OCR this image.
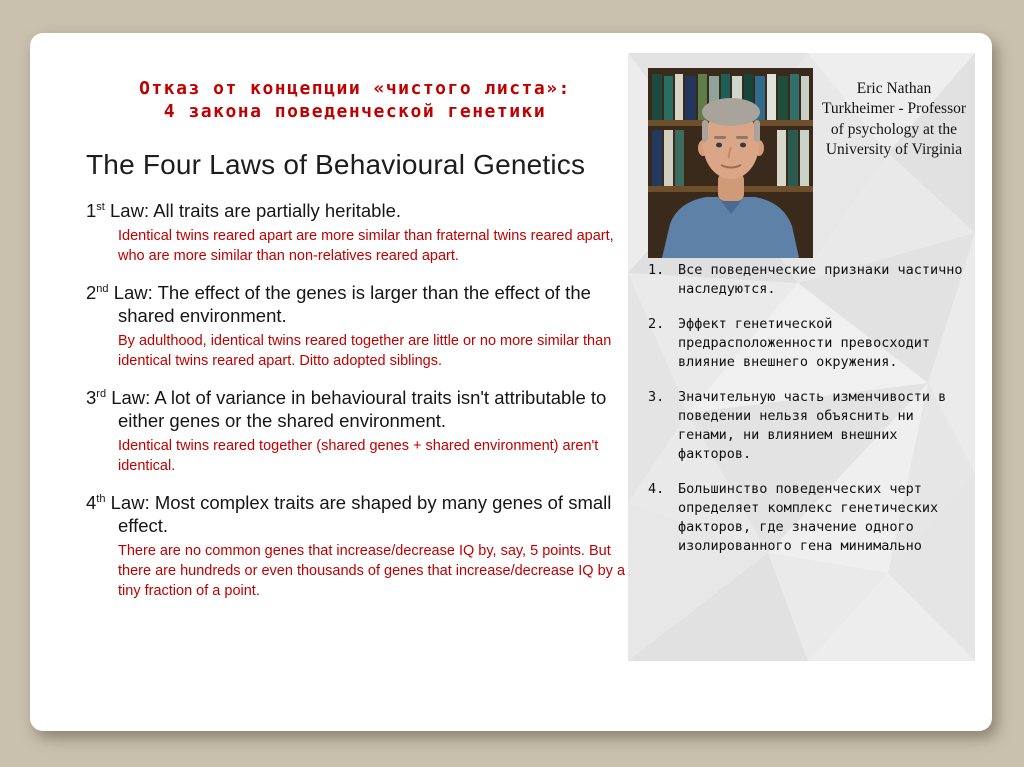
Отказ от концепции «чистого листа»:
4 закона поведенческой генетики
The Four Laws of Behavioural Genetics
1st Law: All traits are partially heritable.
Identical twins reared apart are more similar than fraternal twins reared apart, who are more similar than non-relatives reared apart.
2nd Law: The effect of the genes is larger than the effect of the shared environment.
By adulthood, identical twins reared together are little or no more similar than identical twins reared apart. Ditto adopted siblings.
3rd Law: A lot of variance in behavioural traits isn't attributable to either genes or the shared environment.
Identical twins reared together (shared genes + shared environment) aren't identical.
4th Law: Most complex traits are shaped by many genes of small effect.
There are no common genes that increase/decrease IQ by, say, 5 points. But there are hundreds or even thousands of genes that increase/decrease IQ by a tiny fraction of a point.
Eric Nathan Turkheimer - Professor of psychology at the University of Virginia
1.	Все поведенческие признаки частично наследуются.
2.	Эффект генетической предрасположенности превосходит влияние внешнего окружения.
3.	Значительную часть изменчивости в поведении нельзя объяснить ни генами, ни влиянием внешних факторов.
4.	Большинство поведенческих черт определяет комплекс генетических факторов, где значение одного изолированного гена минимально
